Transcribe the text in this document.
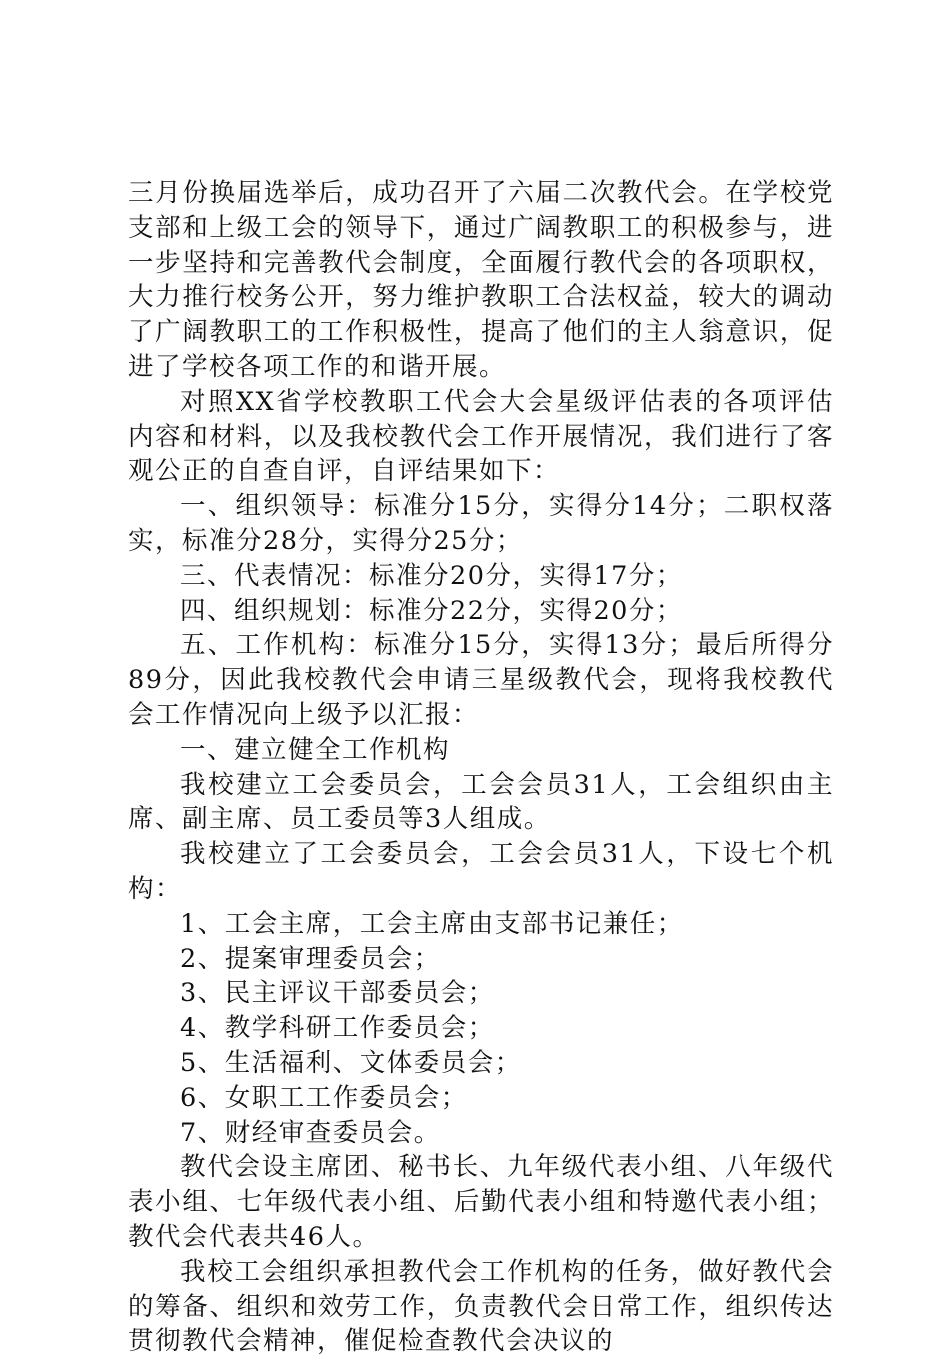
三月份换届选举后，成功召开了六届二次教代会。在学校党支部和上级工会的领导下，通过广阔教职工的积极参与，进一步坚持和完善教代会制度，全面履行教代会的各项职权，大力推行校务公开，努力维护教职工合法权益，较大的调动了广阔教职工的工作积极性，提高了他们的主人翁意识，促进了学校各项工作的和谐开展。

对照XX省学校教职工代会大会星级评估表的各项评估内容和材料，以及我校教代会工作开展情况，我们进行了客观公正的自查自评，自评结果如下：

一、组织领导：标准分15分，实得分14分；二职权落实，标准分28分，实得分25分；

三、代表情况：标准分20分，实得17分；

四、组织规划：标准分22分，实得20分；

五、工作机构：标准分15分，实得13分；最后所得分89分，因此我校教代会申请三星级教代会，现将我校教代会工作情况向上级予以汇报：

一、建立健全工作机构

我校建立工会委员会，工会会员31人，工会组织由主席、副主席、员工委员等3人组成。

我校建立了工会委员会，工会会员31人，下设七个机构：

1、工会主席，工会主席由支部书记兼任；

2、提案审理委员会；

3、民主评议干部委员会；

4、教学科研工作委员会；

5、生活福利、文体委员会；

6、女职工工作委员会；

7、财经审查委员会。

教代会设主席团、秘书长、九年级代表小组、八年级代表小组、七年级代表小组、后勤代表小组和特邀代表小组；教代会代表共46人。

我校工会组织承担教代会工作机构的任务，做好教代会的筹备、组织和效劳工作，负责教代会日常工作，组织传达贯彻教代会精神，催促检查教代会决议的
